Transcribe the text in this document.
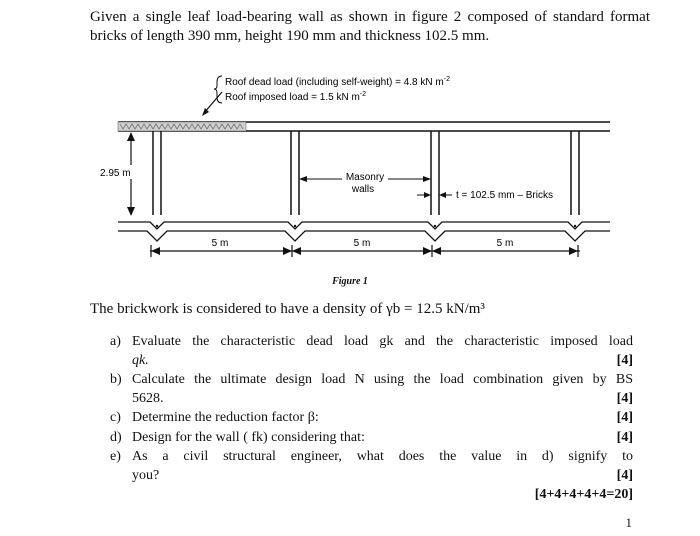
Given a single leaf load-bearing wall as shown in figure 2 composed of standard format bricks of length 390 mm, height 190 mm and thickness 102.5 mm.
Roof dead load (including self-weight) = 4.8 kN $m^{-2}$
Roof imposed load = 1.5 kN $m^{-2}$
2.95 m	Masonry
walls
t = 102.5 mm – Bricks
5 m	5 m	5 m
Figure 1
The brickwork is considered to have a density of γb = 12.5 kN/m³
a) Evaluate the characteristic dead load gk and the characteristic imposed load
qk.	[4]
b) Calculate the ultimate design load N using the load combination given by BS
5628.	[4]
c) Determine the reduction factor β:	[4]
d) Design for the wall ( fk) considering that:	[4]
e) As a civil structural engineer, what does the value in d) signify to
you?	[4]
[4+4+4+4+4=20]
1
